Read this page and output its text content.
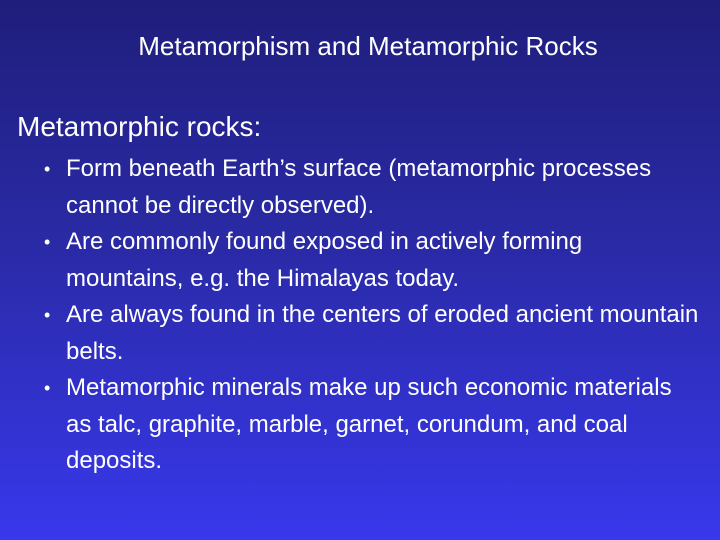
Metamorphism and Metamorphic Rocks
Metamorphic rocks:
• Form beneath Earth’s surface (metamorphic processes cannot be directly observed).
• Are commonly found exposed in actively forming mountains, e.g. the Himalayas today.
• Are always found in the centers of eroded ancient mountain belts.
• Metamorphic minerals make up such economic materials as talc, graphite, marble, garnet, corundum, and coal deposits.
